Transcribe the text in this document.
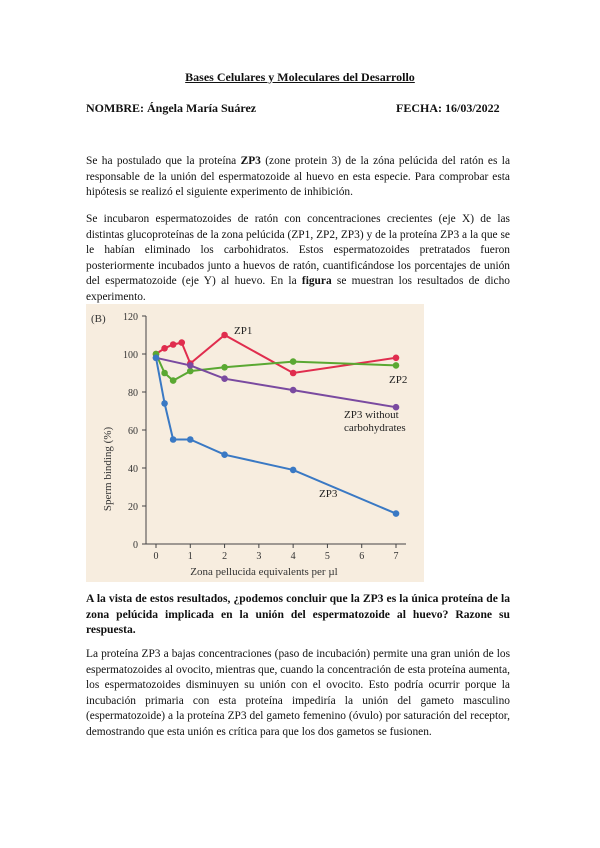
Bases Celulares y Moleculares del Desarrollo
NOMBRE: Ángela María Suárez	FECHA: 16/03/2022

Se ha postulado que la proteína ZP3 (zone protein 3) de la zóna pelúcida del ratón es la responsable de la unión del espermatozoide al huevo en esta especie. Para comprobar esta hipótesis se realizó el siguiente experimento de inhibición.

Se incubaron espermatozoides de ratón con concentraciones crecientes (eje X) de las distintas glucoproteínas de la zona pelúcida (ZP1, ZP2, ZP3) y de la proteína ZP3 a la que se le habían eliminado los carbohidratos. Estos espermatozoides pretratados fueron posteriormente incubados junto a huevos de ratón, cuantificándose los porcentajes de unión del espermatozoide (eje Y) al huevo. En la figura se muestran los resultados de dicho experimento.

(B)
Sperm binding (%)
Zona pellucida equivalents per µl
0
20
40
60
80
100
120
0	1	2	3	4	5	6	7
ZP1
ZP2
ZP3 without
carbohydrates
ZP3

A la vista de estos resultados, ¿podemos concluir que la ZP3 es la única proteína de la zona pelúcida implicada en la unión del espermatozoide al huevo? Razone su respuesta.

La proteína ZP3 a bajas concentraciones (paso de incubación) permite una gran unión de los espermatozoides al ovocito, mientras que, cuando la concentración de esta proteína aumenta, los espermatozoides disminuyen su unión con el ovocito. Esto podría ocurrir porque la incubación primaria con esta proteína impediría la unión del gameto masculino (espermatozoide) a la proteína ZP3 del gameto femenino (óvulo) por saturación del receptor, demostrando que esta unión es crítica para que los dos gametos se fusionen.
